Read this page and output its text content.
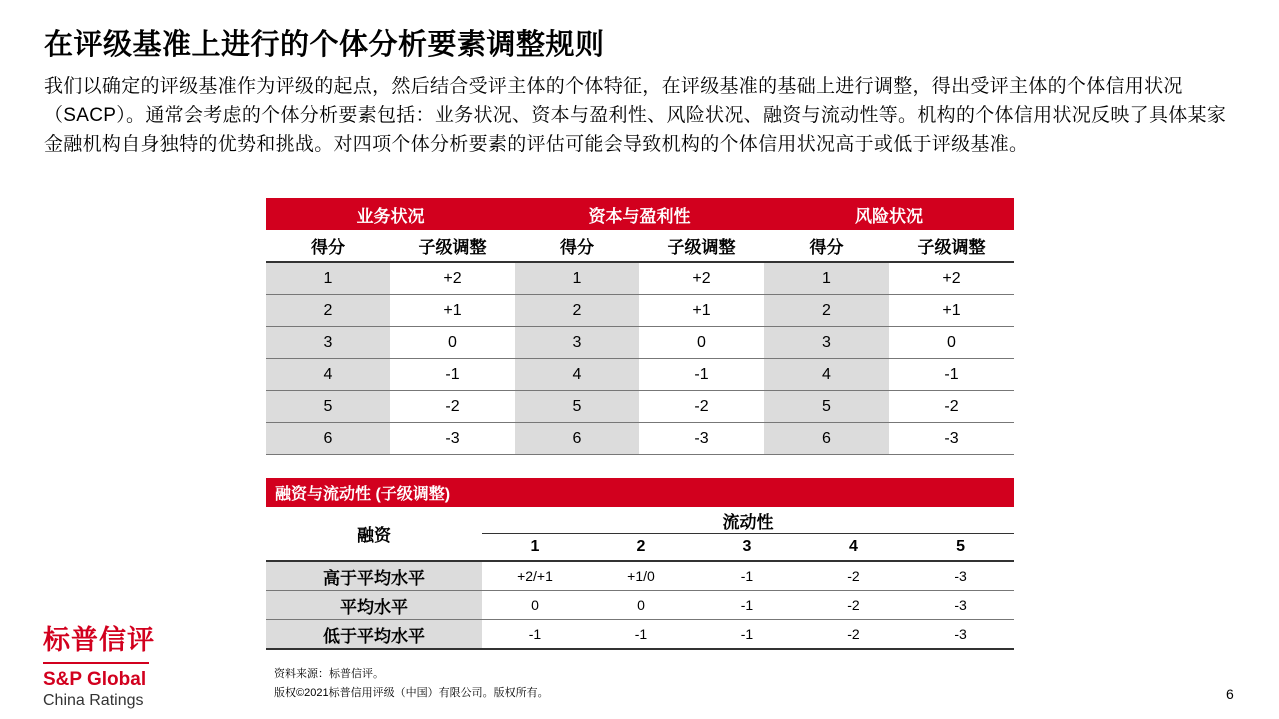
在评级基准上进行的个体分析要素调整规则
我们以确定的评级基准作为评级的起点，然后结合受评主体的个体特征，在评级基准的基础上进行调整，得出受评主体的个体信用状况（SACP）。通常会考虑的个体分析要素包括：业务状况、资本与盈利性、风险状况、融资与流动性等。机构的个体信用状况反映了具体某家金融机构自身独特的优势和挑战。对四项个体分析要素的评估可能会导致机构的个体信用状况高于或低于评级基准。
业务状况		资本与盈利性		风险状况	
得分	子级调整	得分	子级调整	得分	子级调整
1	+2	1	+2	1	+2
2	+1	2	+1	2	+1
3	0	3	0	3	0
4	-1	4	-1	4	-1
5	-2	5	-2	5	-2
6	-3	6	-3	6	-3
融资与流动性 (子级调整)					
融资	流动性				
	1	2	3	4	5
高于平均水平	+2/+1	+1/0	-1	-2	-3
平均水平	0	0	-1	-2	-3
低于平均水平	-1	-1	-1	-2	-3
资料来源：标普信评。
版权©2021标普信用评级（中国）有限公司。版权所有。
标普信评
S&P Global
China Ratings	6
